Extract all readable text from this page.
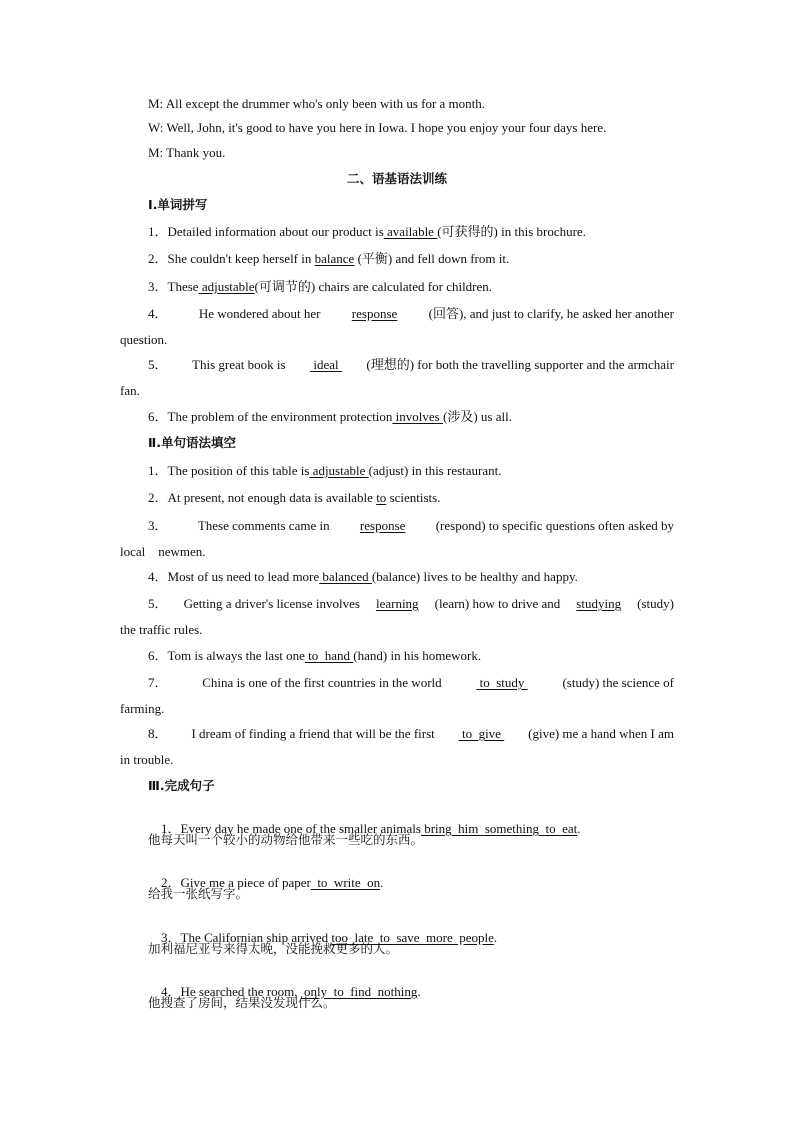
M: All except the drummer who's only been with us for a month.
W: Well, John, it's good to have you here in Iowa. I hope you enjoy your four days here.
M: Thank you.
二、语基语法训练
Ⅰ.单词拼写
1．Detailed information about our product is available (可获得的) in this brochure.
2．She couldn't keep herself in balance (平衡) and fell down from it.
3．These adjustable(可调节的) chairs are calculated for children.
4． He wondered about her response (回答), and just to clarify, he asked her another
question.
5． This great book is ideal (理想的) for both the travelling supporter and the armchair
fan.
6．The problem of the environment protection involves (涉及) us all.
Ⅱ.单句语法填空
1．The position of this table is adjustable (adjust) in this restaurant.
2．At present, not enough data is available to scientists.
3． These comments came in response (respond) to specific questions often asked by
local    newmen.
4．Most of us need to lead more balanced (balance) lives to be healthy and happy.
5． Getting a driver's license involves learning (learn) how to drive and studying (study)
the traffic rules.
6．Tom is always the last one to  hand (hand) in his homework.
7．	China is one of the first countries in the world	to  study	(study) the science of
farming.
8． I dream of finding a friend that will be the first to  give (give) me a hand when I am
in trouble.
Ⅲ.完成句子

1．Every day he made one of the smaller animals bring  him  something  to  eat.

他每天叫一个较小的动物给他带来一些吃的东西。

2．Give me a piece of paper  to  write  on.

给我一张纸写字。

3．The Californian ship arrived too  late  to  save  more  people.

加利福尼亚号来得太晚，没能挽救更多的人。

4．He searched the room,  only  to  find  nothing.

他搜查了房间，结果没发现什么。
